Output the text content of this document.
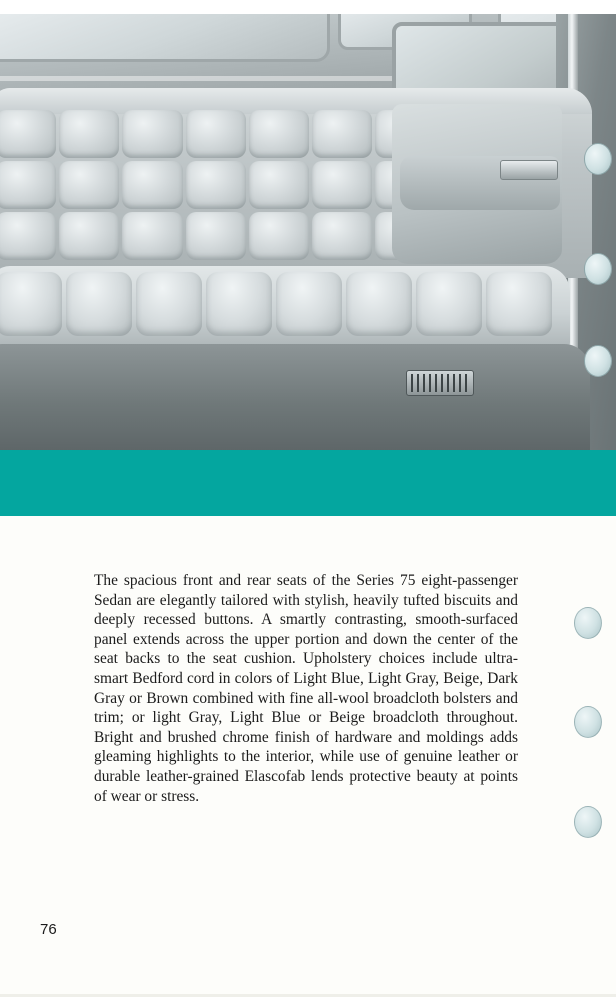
The spacious front and rear seats of the Series 75 eight-passenger Sedan are elegantly tailored with stylish, heavily tufted biscuits and deeply recessed buttons. A smartly contrasting, smooth-surfaced panel extends across the upper portion and down the center of the seat backs to the seat cushion. Upholstery choices include ultra-smart Bedford cord in colors of Light Blue, Light Gray, Beige, Dark Gray or Brown combined with fine all-wool broadcloth bolsters and trim; or light Gray, Light Blue or Beige broadcloth throughout. Bright and brushed chrome finish of hardware and moldings adds gleaming highlights to the interior, while use of genuine leather or durable leather-grained Elascofab lends protective beauty at points of wear or stress.

76
